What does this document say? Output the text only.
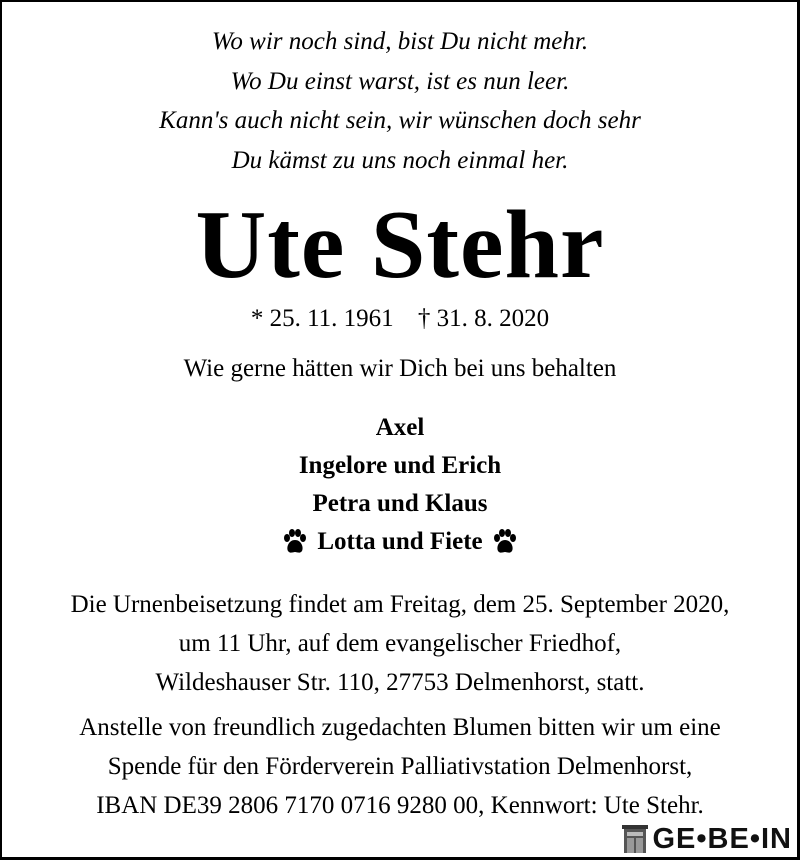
Wo wir noch sind, bist Du nicht mehr.
Wo Du einst warst, ist es nun leer.
Kann's auch nicht sein, wir wünschen doch sehr
Du kämst zu uns noch einmal her.
Ute Stehr
* 25. 11. 1961 † 31. 8. 2020
Wie gerne hätten wir Dich bei uns behalten
Axel
Ingelore und Erich
Petra und Klaus
Lotta und Fiete
Die Urnenbeisetzung findet am Freitag, dem 25. September 2020,
um 11 Uhr, auf dem evangelischer Friedhof,
Wildeshauser Str. 110, 27753 Delmenhorst, statt.
Anstelle von freundlich zugedachten Blumen bitten wir um eine
Spende für den Förderverein Palliativstation Delmenhorst,
IBAN DE39 2806 7170 0716 9280 00, Kennwort: Ute Stehr.
GE•BE•IN
